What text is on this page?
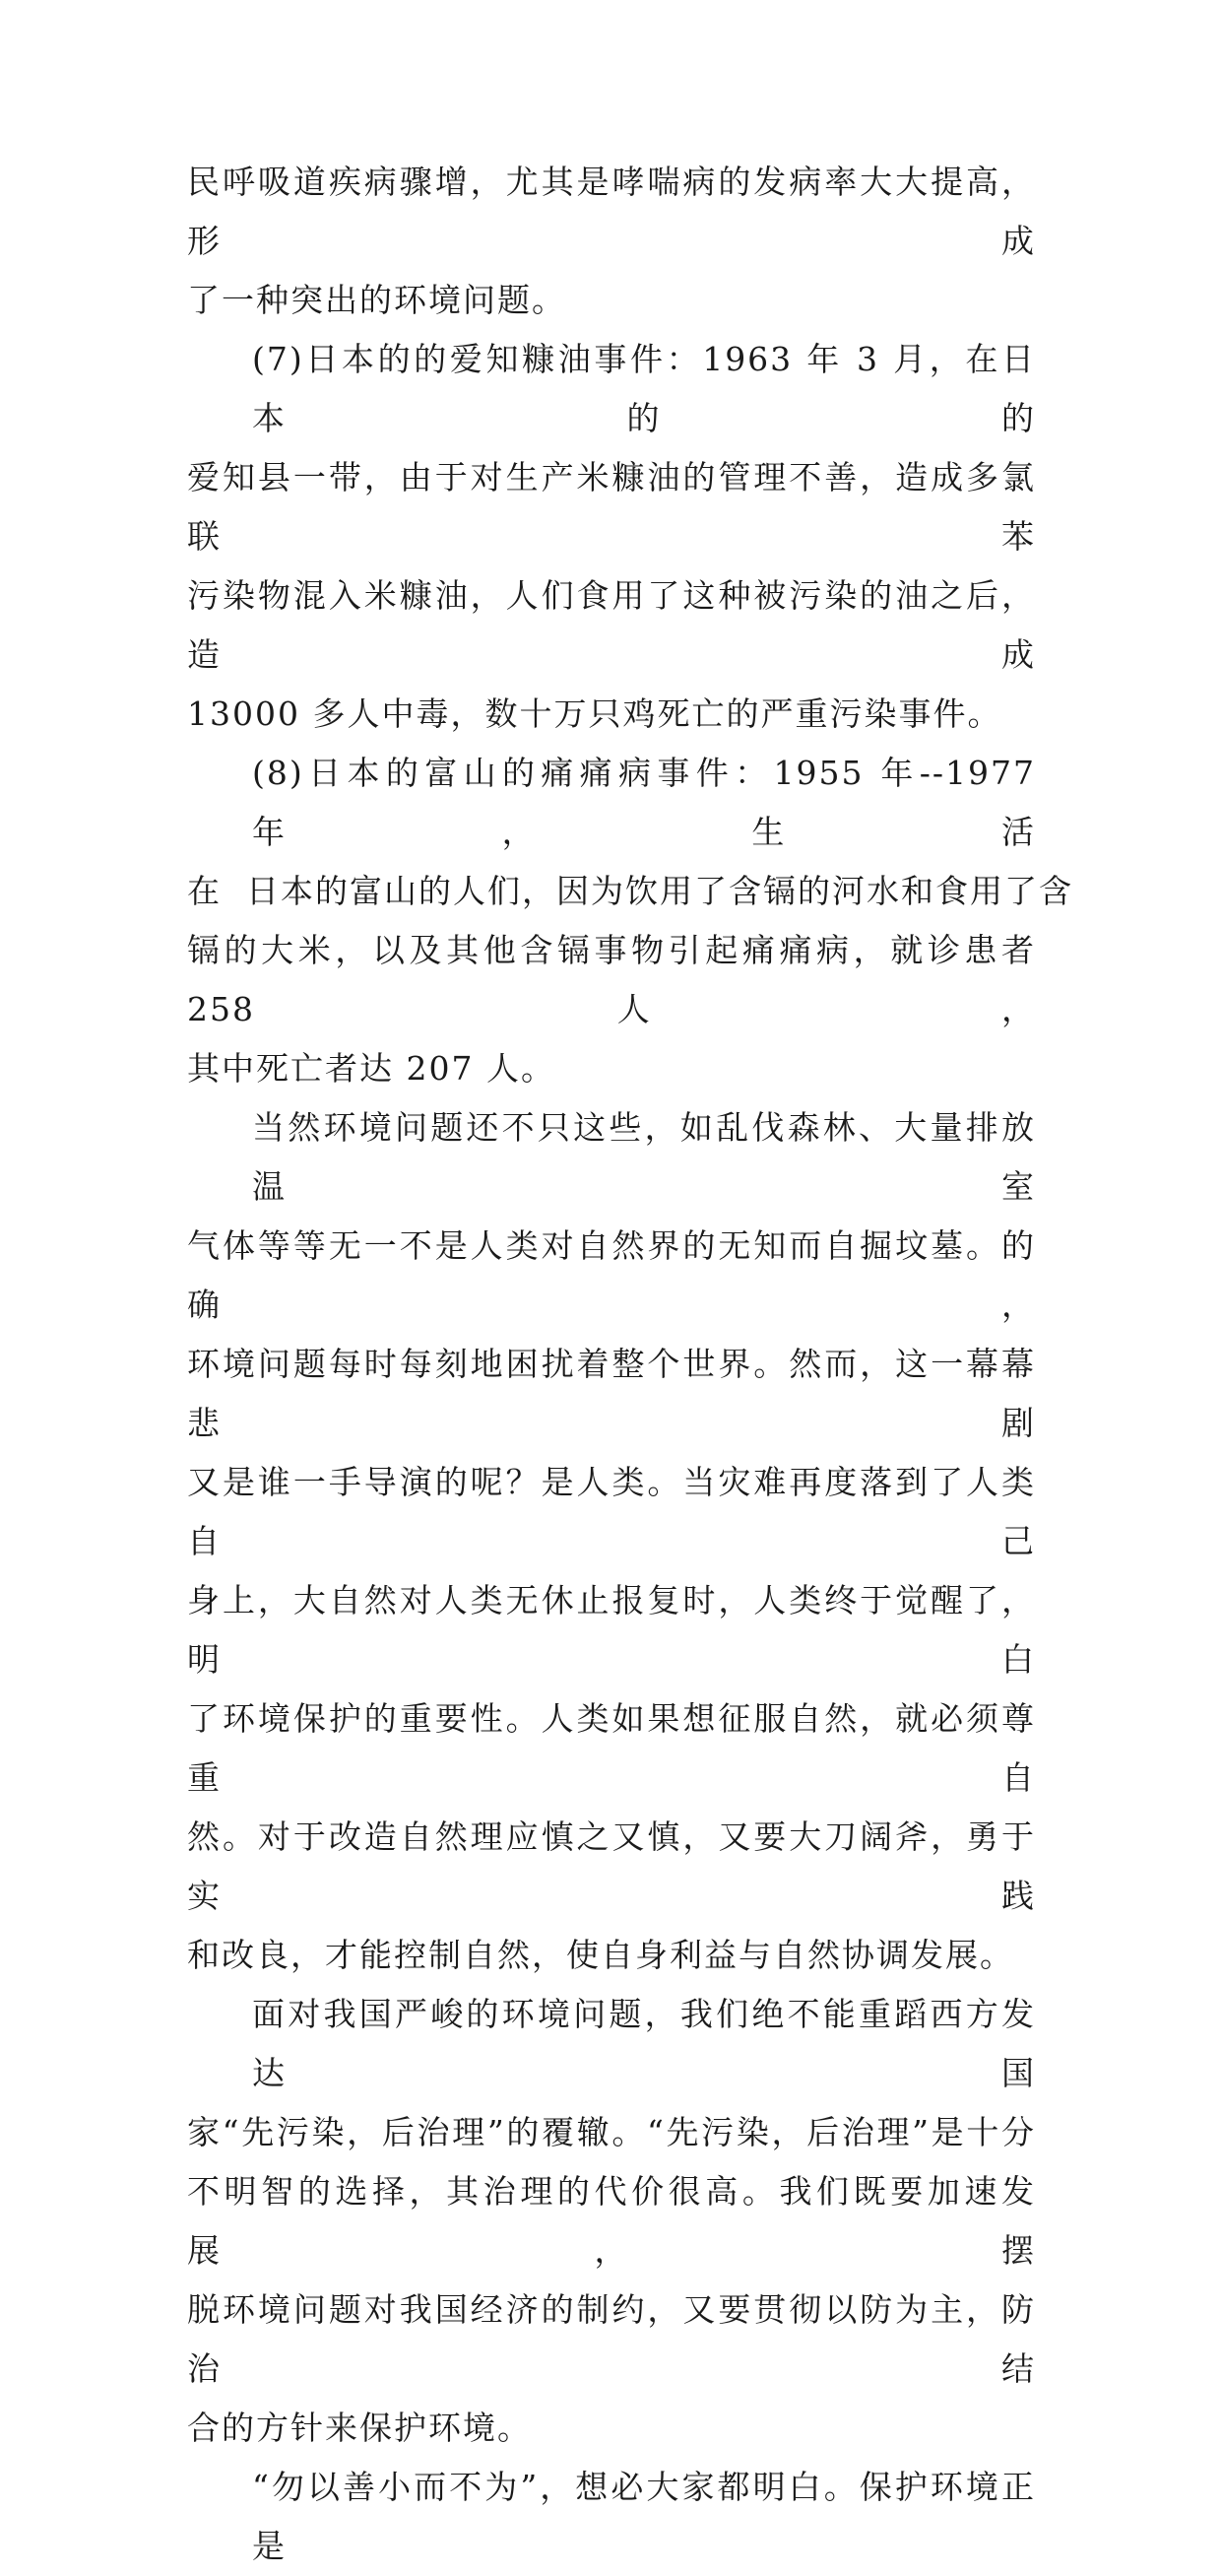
民呼吸道疾病骤增，尤其是哮喘病的发病率大大提高，形成
了一种突出的环境问题。

(7)日本的的爱知糠油事件：1963 年 3 月，在日本的的
爱知县一带，由于对生产米糠油的管理不善，造成多氯联苯
污染物混入米糠油，人们食用了这种被污染的油之后，造成
13000 多人中毒，数十万只鸡死亡的严重污染事件。

(8)日本的富山的痛痛病事件：1955 年--1977 年，生活
在  日本的富山的人们，因为饮用了含镉的河水和食用了含
镉的大米，以及其他含镉事物引起痛痛病，就诊患者 258 人，
其中死亡者达 207 人。

当然环境问题还不只这些，如乱伐森林、大量排放温室
气体等等无一不是人类对自然界的无知而自掘坟墓。的确，
环境问题每时每刻地困扰着整个世界。然而，这一幕幕悲剧
又是谁一手导演的呢？是人类。当灾难再度落到了人类自己
身上，大自然对人类无休止报复时，人类终于觉醒了，明白
了环境保护的重要性。人类如果想征服自然，就必须尊重自
然。对于改造自然理应慎之又慎，又要大刀阔斧，勇于实践
和改良，才能控制自然，使自身利益与自然协调发展。

面对我国严峻的环境问题，我们绝不能重蹈西方发达国
家“先污染，后治理”的覆辙。“先污染，后治理”是十分
不明智的选择，其治理的代价很高。我们既要加速发展，摆
脱环境问题对我国经济的制约，又要贯彻以防为主，防治结
合的方针来保护环境。

“勿以善小而不为”，想必大家都明白。保护环境正是
